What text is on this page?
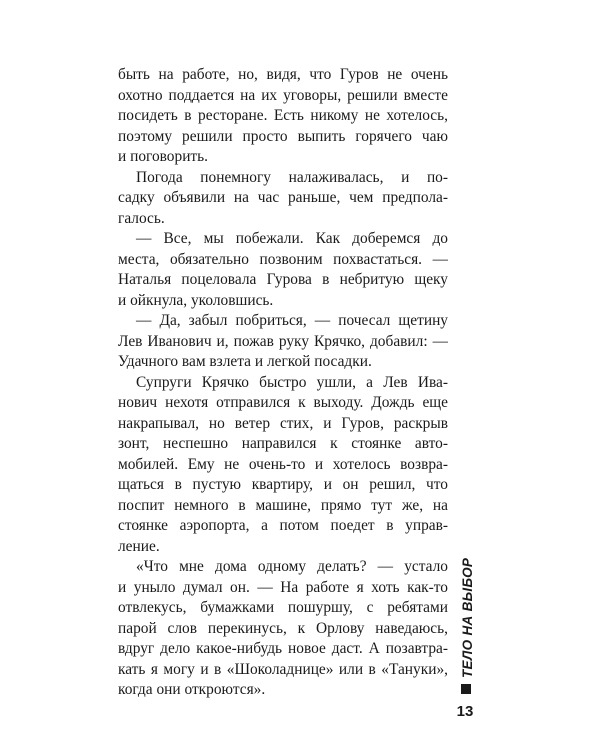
быть на работе, но, видя, что Гуров не очень
охотно поддается на их уговоры, решили вместе
посидеть в ресторане. Есть никому не хотелось,
поэтому решили просто выпить горячего чаю
и поговорить.
Погода понемногу налаживалась, и по-
садку объявили на час раньше, чем предпола-
галось.
— Все, мы побежали. Как доберемся до
места, обязательно позвоним похвастаться. —
Наталья поцеловала Гурова в небритую щеку
и ойкнула, уколовшись.
— Да, забыл побриться, — почесал щетину
Лев Иванович и, пожав руку Крячко, добавил: —
Удачного вам взлета и легкой посадки.
Супруги Крячко быстро ушли, а Лев Ива-
нович нехотя отправился к выходу. Дождь еще
накрапывал, но ветер стих, и Гуров, раскрыв
зонт, неспешно направился к стоянке авто-
мобилей. Ему не очень-то и хотелось возвра-
щаться в пустую квартиру, и он решил, что
поспит немного в машине, прямо тут же, на
стоянке аэропорта, а потом поедет в управ-
ление.
«Что мне дома одному делать? — устало
и уныло думал он. — На работе я хоть как-то
отвлекусь, бумажками пошуршу, с ребятами
парой слов перекинусь, к Орлову наведаюсь,
вдруг дело какое-нибудь новое даст. А позавтра-
кать я могу и в «Шоколаднице» или в «Тануки»,
когда они откроются».
ТЕЛО НА ВЫБОР
13
